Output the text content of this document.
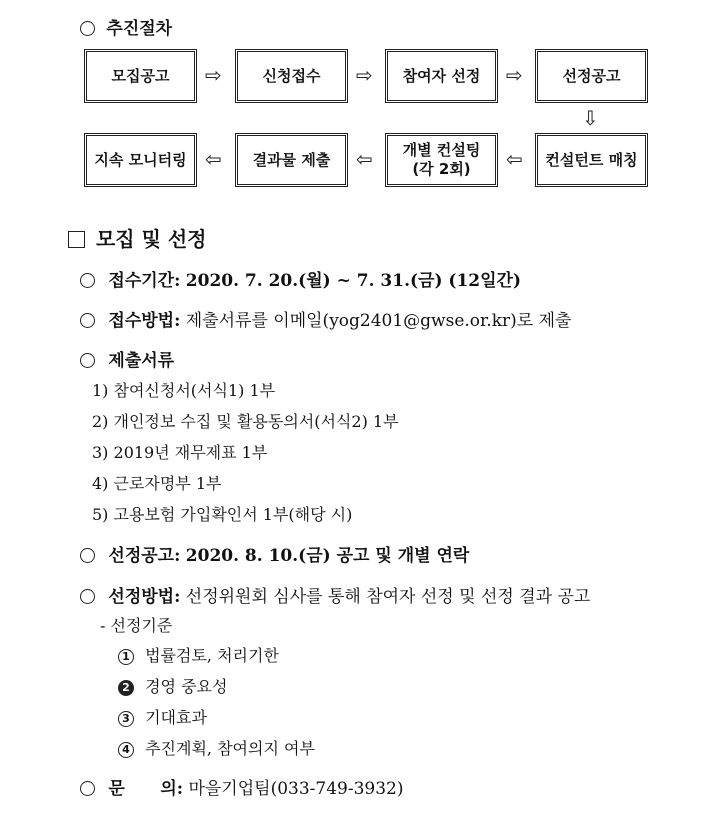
추진절차
모집공고 ⇨	신청접수 ⇨ 참여자 선정 ⇨	선정공고
⇩
지속 모니터링 ⇦ 결과물 제출 ⇦ 개별 컨설팅
(각 2회) ⇦ 컨설턴트 매칭
모집 및 선정
접수기간: 2020. 7. 20.(월) ~ 7. 31.(금) (12일간)
접수방법: 제출서류를 이메일(yog2401@gwse.or.kr)로 제출
제출서류
1) 참여신청서(서식1) 1부
2) 개인정보 수집 및 활용동의서(서식2) 1부
3) 2019년 재무제표 1부
4) 근로자명부 1부
5) 고용보험 가입확인서 1부(해당 시)
선정공고: 2020. 8. 10.(금) 공고 및 개별 연락
선정방법: 선정위원회 심사를 통해 참여자 선정 및 선정 결과 공고
- 선정기준
1 법률검토, 처리기한
2 경영 중요성
3 기대효과
4 추진계획, 참여의지 여부
문      의: 마을기업팀(033-749-3932)
